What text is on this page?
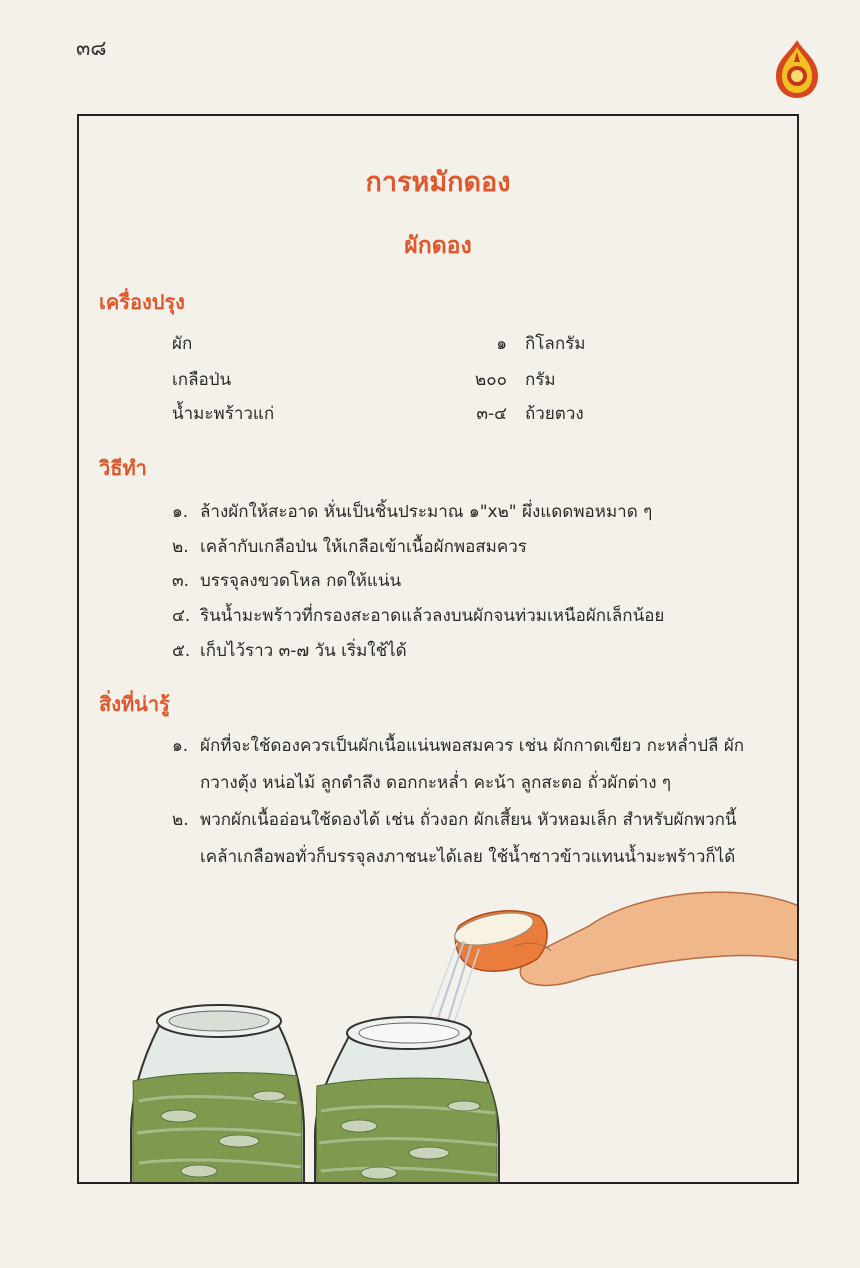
๓๘
การหมักดอง
ผักดอง
เครื่องปรุง
ผัก	๑ กิโลกรัม
เกลือป่น	๒๐๐ กรัม
น้ำมะพร้าวแก่	๓-๔ ถ้วยตวง
วิธีทำ
๑. ล้างผักให้สะอาด หั่นเป็นชิ้นประมาณ ๑"x๒" ผึ่งแดดพอหมาด ๆ
๒. เคล้ากับเกลือป่น ให้เกลือเข้าเนื้อผักพอสมควร
๓. บรรจุลงขวดโหล กดให้แน่น
๔. รินน้ำมะพร้าวที่กรองสะอาดแล้วลงบนผักจนท่วมเหนือผักเล็กน้อย
๕. เก็บไว้ราว ๓-๗ วัน เริ่มใช้ได้
สิ่งที่น่ารู้
๑. ผักที่จะใช้ดองควรเป็นผักเนื้อแน่นพอสมควร เช่น ผักกาดเขียว กะหล่ำปลี ผัก
กวางตุ้ง หน่อไม้ ลูกตำลึง ดอกกะหล่ำ คะน้า ลูกสะตอ ถั่วผักต่าง ๆ
๒. พวกผักเนื้ออ่อนใช้ดองได้ เช่น ถั่วงอก ผักเสี้ยน หัวหอมเล็ก สำหรับผักพวกนี้
เคล้าเกลือพอทั่วก็บรรจุลงภาชนะได้เลย ใช้น้ำซาวข้าวแทนน้ำมะพร้าวก็ได้
